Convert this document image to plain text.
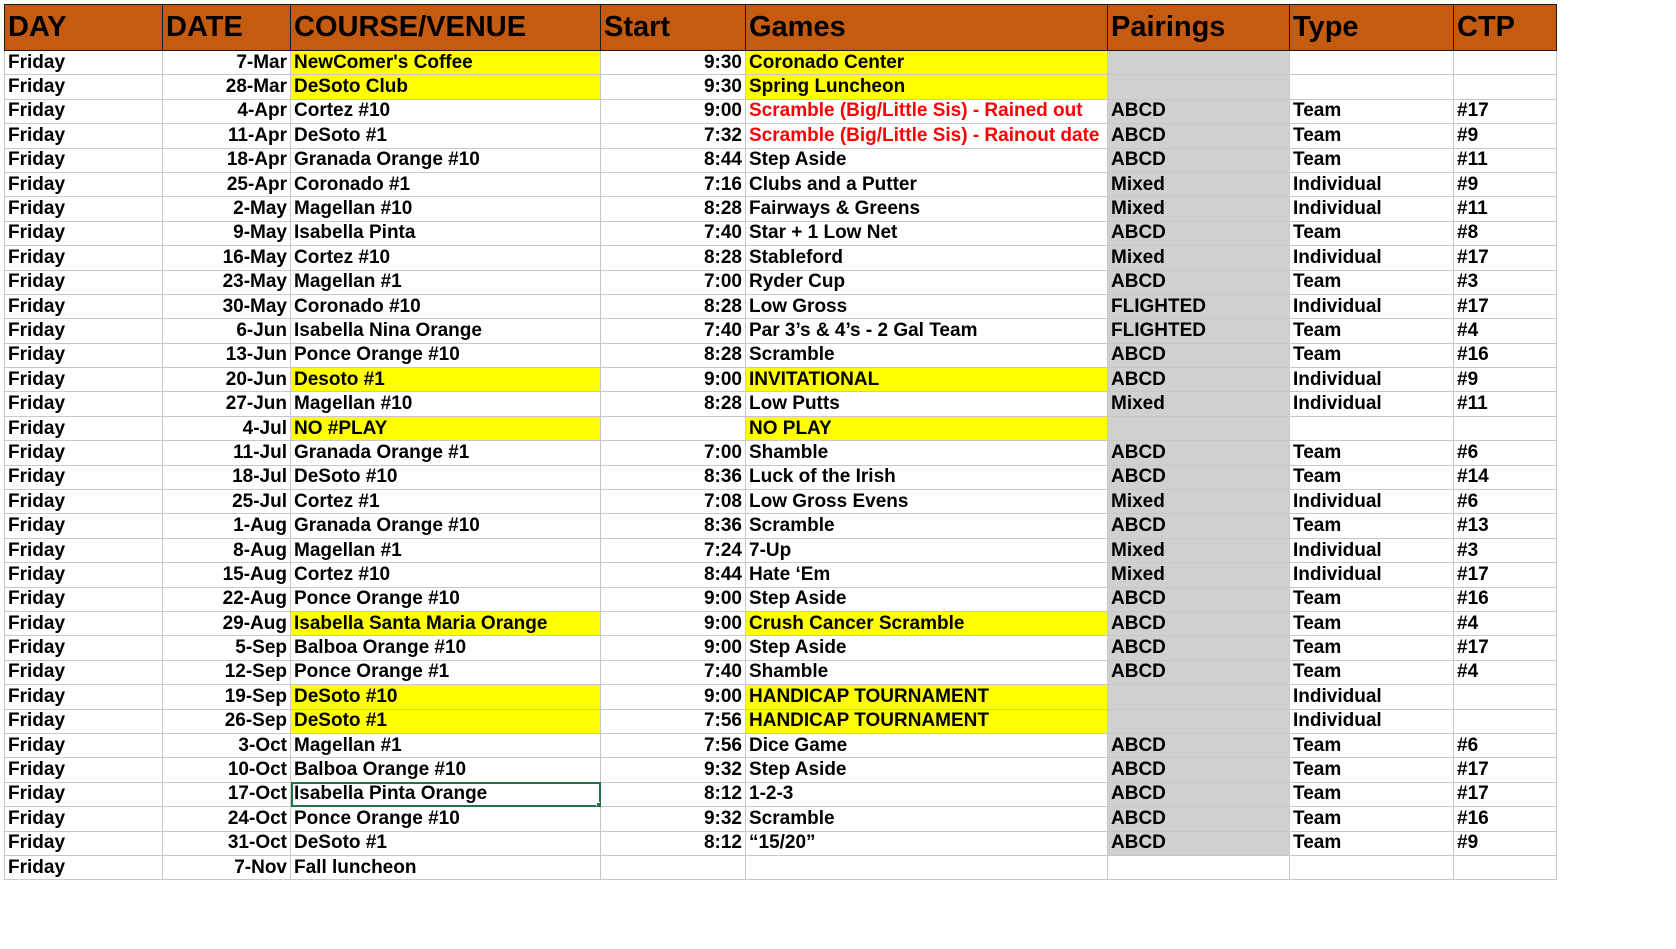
DAY	DATE	COURSE/VENUE	Start	Games	Pairings	Type	CTP
Friday	7-Mar	NewComer's Coffee	9:30	Coronado Center			
Friday	28-Mar	DeSoto Club	9:30	Spring Luncheon			
Friday	4-Apr	Cortez #10	9:00	Scramble (Big/Little Sis) - Rained out	ABCD	Team	#17
Friday	11-Apr	DeSoto #1	7:32	Scramble (Big/Little Sis) - Rainout date	ABCD	Team	#9
Friday	18-Apr	Granada Orange #10	8:44	Step Aside	ABCD	Team	#11
Friday	25-Apr	Coronado #1	7:16	Clubs and a Putter	Mixed	Individual	#9
Friday	2-May	Magellan #10	8:28	Fairways & Greens	Mixed	Individual	#11
Friday	9-May	Isabella Pinta	7:40	Star + 1 Low Net	ABCD	Team	#8
Friday	16-May	Cortez #10	8:28	Stableford	Mixed	Individual	#17
Friday	23-May	Magellan #1	7:00	Ryder Cup	ABCD	Team	#3
Friday	30-May	Coronado #10	8:28	Low Gross	FLIGHTED	Individual	#17
Friday	6-Jun	Isabella Nina Orange	7:40	Par 3’s & 4’s - 2 Gal Team	FLIGHTED	Team	#4
Friday	13-Jun	Ponce Orange #10	8:28	Scramble	ABCD	Team	#16
Friday	20-Jun	Desoto #1	9:00	INVITATIONAL	ABCD	Individual	#9
Friday	27-Jun	Magellan #10	8:28	Low Putts	Mixed	Individual	#11
Friday	4-Jul	NO #PLAY		NO PLAY			
Friday	11-Jul	Granada Orange #1	7:00	Shamble	ABCD	Team	#6
Friday	18-Jul	DeSoto #10	8:36	Luck of the Irish	ABCD	Team	#14
Friday	25-Jul	Cortez #1	7:08	Low Gross Evens	Mixed	Individual	#6
Friday	1-Aug	Granada Orange #10	8:36	Scramble	ABCD	Team	#13
Friday	8-Aug	Magellan #1	7:24	7-Up	Mixed	Individual	#3
Friday	15-Aug	Cortez #10	8:44	Hate ‘Em	Mixed	Individual	#17
Friday	22-Aug	Ponce Orange #10	9:00	Step Aside	ABCD	Team	#16
Friday	29-Aug	Isabella Santa Maria Orange	9:00	Crush Cancer Scramble	ABCD	Team	#4
Friday	5-Sep	Balboa Orange #10	9:00	Step Aside	ABCD	Team	#17
Friday	12-Sep	Ponce Orange #1	7:40	Shamble	ABCD	Team	#4
Friday	19-Sep	DeSoto #10	9:00	HANDICAP TOURNAMENT		Individual	
Friday	26-Sep	DeSoto #1	7:56	HANDICAP TOURNAMENT		Individual	
Friday	3-Oct	Magellan #1	7:56	Dice Game	ABCD	Team	#6
Friday	10-Oct	Balboa Orange #10	9:32	Step Aside	ABCD	Team	#17
Friday	17-Oct	Isabella Pinta Orange	8:12	1-2-3	ABCD	Team	#17
Friday	24-Oct	Ponce Orange #10	9:32	Scramble	ABCD	Team	#16
Friday	31-Oct	DeSoto #1	8:12	“15/20”	ABCD	Team	#9
Friday	7-Nov	Fall luncheon					
